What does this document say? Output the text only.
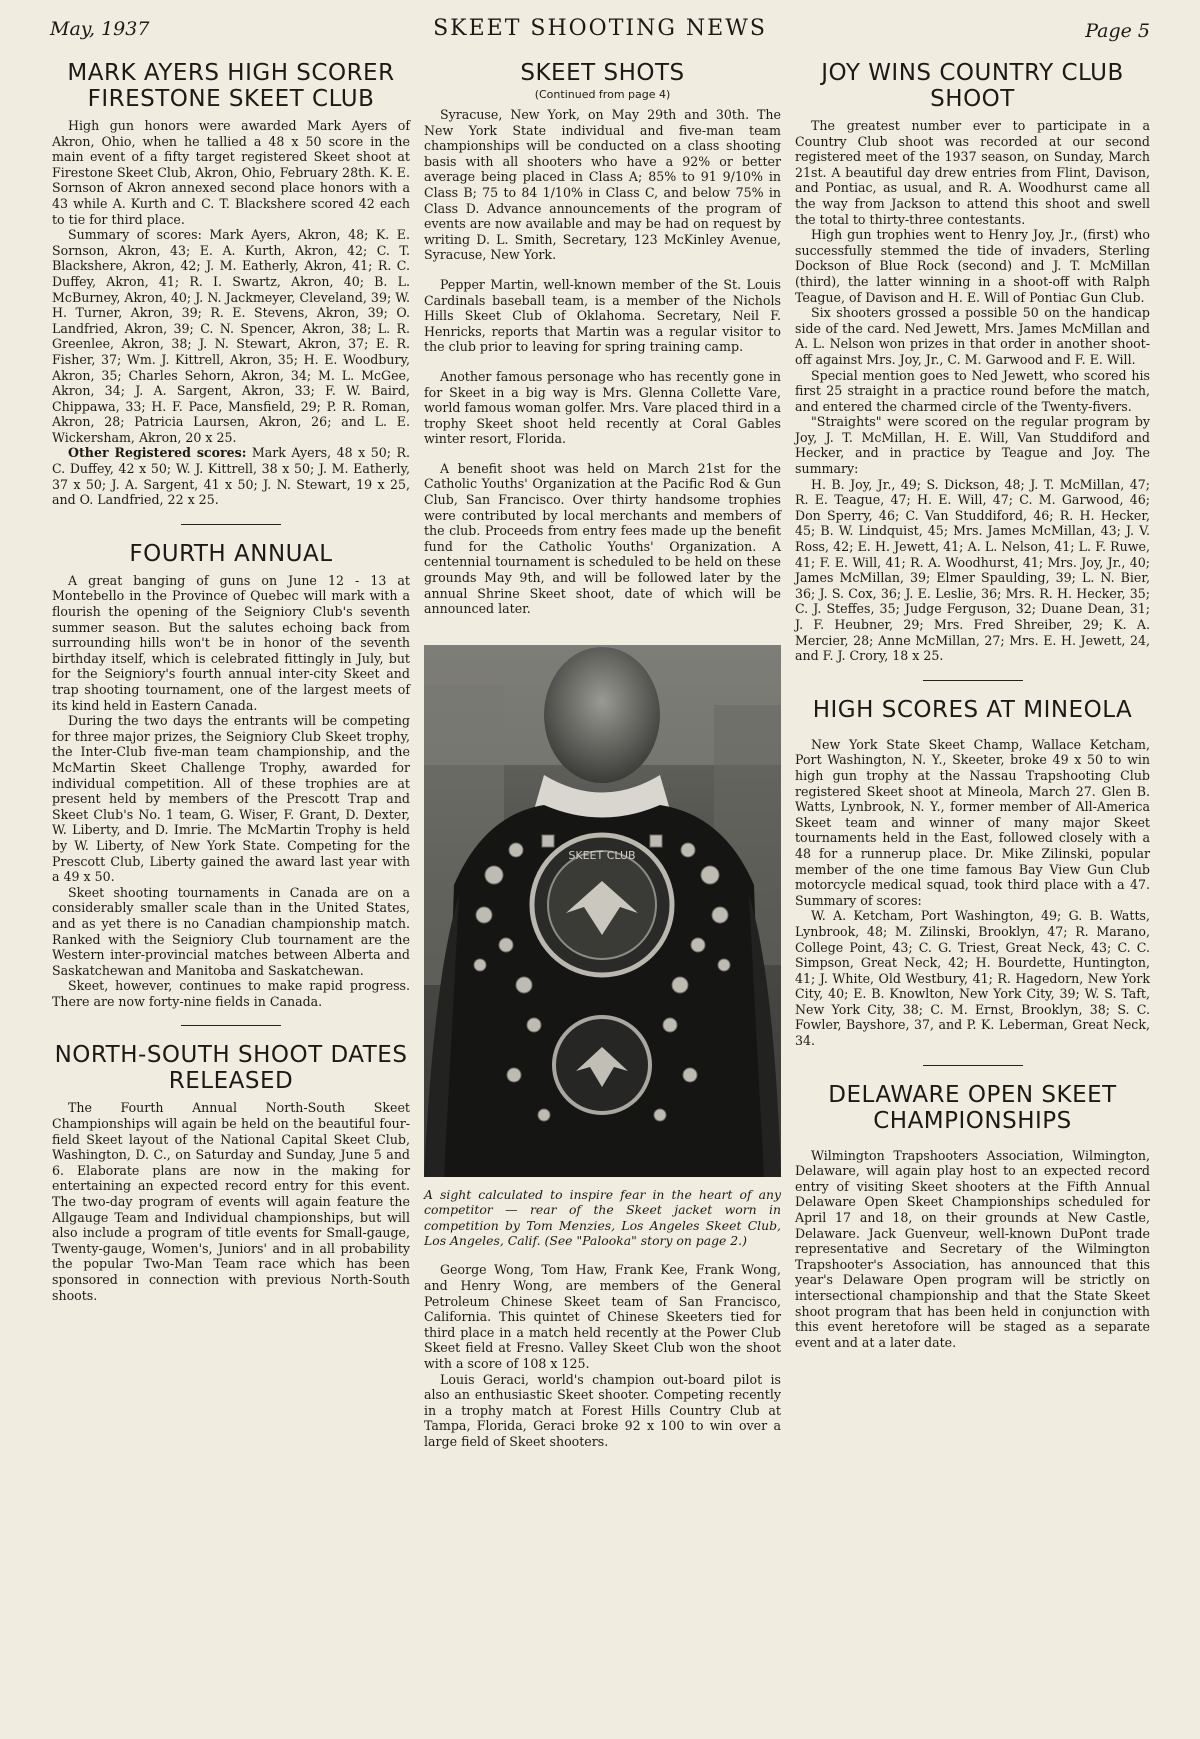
May, 1937	SKEET SHOOTING NEWS	Page 5
MARK AYERS HIGH SCORER FIRESTONE SKEET CLUB

High gun honors were awarded Mark Ayers of Akron, Ohio, when he tallied a 48 x 50 score in the main event of a fifty target registered Skeet shoot at Firestone Skeet Club, Akron, Ohio, February 28th. K. E. Sornson of Akron annexed second place honors with a 43 while A. Kurth and C. T. Blackshere scored 42 each to tie for third place.

Summary of scores: Mark Ayers, Akron, 48; K. E. Sornson, Akron, 43; E. A. Kurth, Akron, 42; C. T. Blackshere, Akron, 42; J. M. Eatherly, Akron, 41; R. C. Duffey, Akron, 41; R. I. Swartz, Akron, 40; B. L. McBurney, Akron, 40; J. N. Jackmeyer, Cleveland, 39; W. H. Turner, Akron, 39; R. E. Stevens, Akron, 39; O. Landfried, Akron, 39; C. N. Spencer, Akron, 38; L. R. Greenlee, Akron, 38; J. N. Stewart, Akron, 37; E. R. Fisher, 37; Wm. J. Kittrell, Akron, 35; H. E. Woodbury, Akron, 35; Charles Sehorn, Akron, 34; M. L. McGee, Akron, 34; J. A. Sargent, Akron, 33; F. W. Baird, Chippawa, 33; H. F. Pace, Mansfield, 29; P. R. Roman, Akron, 28; Patricia Laursen, Akron, 26; and L. E. Wickersham, Akron, 20 x 25.

Other Registered scores: Mark Ayers, 48 x 50; R. C. Duffey, 42 x 50; W. J. Kittrell, 38 x 50; J. M. Eatherly, 37 x 50; J. A. Sargent, 41 x 50; J. N. Stewart, 19 x 25, and O. Landfried, 22 x 25.

FOURTH ANNUAL

A great banging of guns on June 12 - 13 at Montebello in the Province of Quebec will mark with a flourish the opening of the Seigniory Club's seventh summer season. But the salutes echoing back from surrounding hills won't be in honor of the seventh birthday itself, which is celebrated fittingly in July, but for the Seigniory's fourth annual inter-city Skeet and trap shooting tournament, one of the largest meets of its kind held in Eastern Canada.

During the two days the entrants will be competing for three major prizes, the Seigniory Club Skeet trophy, the Inter-Club five-man team championship, and the McMartin Skeet Challenge Trophy, awarded for individual competition. All of these trophies are at present held by members of the Prescott Trap and Skeet Club's No. 1 team, G. Wiser, F. Grant, D. Dexter, W. Liberty, and D. Imrie. The McMartin Trophy is held by W. Liberty, of New York State. Competing for the Prescott Club, Liberty gained the award last year with a 49 x 50.

Skeet shooting tournaments in Canada are on a considerably smaller scale than in the United States, and as yet there is no Canadian championship match. Ranked with the Seigniory Club tournament are the Western inter-provincial matches between Alberta and Saskatchewan and Manitoba and Saskatchewan.

Skeet, however, continues to make rapid progress. There are now forty-nine fields in Canada.

NORTH-SOUTH SHOOT DATES RELEASED

The Fourth Annual North-South Skeet Championships will again be held on the beautiful four-field Skeet layout of the National Capital Skeet Club, Washington, D. C., on Saturday and Sunday, June 5 and 6. Elaborate plans are now in the making for entertaining an expected record entry for this event. The two-day program of events will again feature the Allgauge Team and Individual championships, but will also include a program of title events for Small-gauge, Twenty-gauge, Women's, Juniors' and in all probability the popular Two-Man Team race which has been sponsored in connection with previous North-South shoots.

SKEET SHOTS
(Continued from page 4)

Syracuse, New York, on May 29th and 30th. The New York State individual and five-man team championships will be conducted on a class shooting basis with all shooters who have a 92% or better average being placed in Class A; 85% to 91 9/10% in Class B; 75 to 84 1/10% in Class C, and below 75% in Class D. Advance announcements of the program of events are now available and may be had on request by writing D. L. Smith, Secretary, 123 McKinley Avenue, Syracuse, New York.

Pepper Martin, well-known member of the St. Louis Cardinals baseball team, is a member of the Nichols Hills Skeet Club of Oklahoma. Secretary, Neil F. Henricks, reports that Martin was a regular visitor to the club prior to leaving for spring training camp.

Another famous personage who has recently gone in for Skeet in a big way is Mrs. Glenna Collette Vare, world famous woman golfer. Mrs. Vare placed third in a trophy Skeet shoot held recently at Coral Gables winter resort, Florida.

A benefit shoot was held on March 21st for the Catholic Youths' Organization at the Pacific Rod & Gun Club, San Francisco. Over thirty handsome trophies were contributed by local merchants and members of the club. Proceeds from entry fees made up the benefit fund for the Catholic Youths' Organization. A centennial tournament is scheduled to be held on these grounds May 9th, and will be followed later by the annual Shrine Skeet shoot, date of which will be announced later.

SKEET CLUB
A sight calculated to inspire fear in the heart of any competitor — rear of the Skeet jacket worn in competition by Tom Menzies, Los Angeles Skeet Club, Los Angeles, Calif. (See "Palooka" story on page 2.)

George Wong, Tom Haw, Frank Kee, Frank Wong, and Henry Wong, are members of the General Petroleum Chinese Skeet team of San Francisco, California. This quintet of Chinese Skeeters tied for third place in a match held recently at the Power Club Skeet field at Fresno. Valley Skeet Club won the shoot with a score of 108 x 125.

Louis Geraci, world's champion out-board pilot is also an enthusiastic Skeet shooter. Competing recently in a trophy match at Forest Hills Country Club at Tampa, Florida, Geraci broke 92 x 100 to win over a large field of Skeet shooters.

JOY WINS COUNTRY CLUB SHOOT

The greatest number ever to participate in a Country Club shoot was recorded at our second registered meet of the 1937 season, on Sunday, March 21st. A beautiful day drew entries from Flint, Davison, and Pontiac, as usual, and R. A. Woodhurst came all the way from Jackson to attend this shoot and swell the total to thirty-three contestants.

High gun trophies went to Henry Joy, Jr., (first) who successfully stemmed the tide of invaders, Sterling Dockson of Blue Rock (second) and J. T. McMillan (third), the latter winning in a shoot-off with Ralph Teague, of Davison and H. E. Will of Pontiac Gun Club.

Six shooters grossed a possible 50 on the handicap side of the card. Ned Jewett, Mrs. James McMillan and A. L. Nelson won prizes in that order in another shoot-off against Mrs. Joy, Jr., C. M. Garwood and F. E. Will.

Special mention goes to Ned Jewett, who scored his first 25 straight in a practice round before the match, and entered the charmed circle of the Twenty-fivers.

"Straights" were scored on the regular program by Joy, J. T. McMillan, H. E. Will, Van Studdiford and Hecker, and in practice by Teague and Joy. The summary:

H. B. Joy, Jr., 49; S. Dickson, 48; J. T. McMillan, 47; R. E. Teague, 47; H. E. Will, 47; C. M. Garwood, 46; Don Sperry, 46; C. Van Studdiford, 46; R. H. Hecker, 45; B. W. Lindquist, 45; Mrs. James McMillan, 43; J. V. Ross, 42; E. H. Jewett, 41; A. L. Nelson, 41; L. F. Ruwe, 41; F. E. Will, 41; R. A. Woodhurst, 41; Mrs. Joy, Jr., 40; James McMillan, 39; Elmer Spaulding, 39; L. N. Bier, 36; J. S. Cox, 36; J. E. Leslie, 36; Mrs. R. H. Hecker, 35; C. J. Steffes, 35; Judge Ferguson, 32; Duane Dean, 31; J. F. Heubner, 29; Mrs. Fred Shreiber, 29; K. A. Mercier, 28; Anne McMillan, 27; Mrs. E. H. Jewett, 24, and F. J. Crory, 18 x 25.

HIGH SCORES AT MINEOLA

New York State Skeet Champ, Wallace Ketcham, Port Washington, N. Y., Skeeter, broke 49 x 50 to win high gun trophy at the Nassau Trapshooting Club registered Skeet shoot at Mineola, March 27. Glen B. Watts, Lynbrook, N. Y., former member of All-America Skeet team and winner of many major Skeet tournaments held in the East, followed closely with a 48 for a runnerup place. Dr. Mike Zilinski, popular member of the one time famous Bay View Gun Club motorcycle medical squad, took third place with a 47. Summary of scores:

W. A. Ketcham, Port Washington, 49; G. B. Watts, Lynbrook, 48; M. Zilinski, Brooklyn, 47; R. Marano, College Point, 43; C. G. Triest, Great Neck, 43; C. C. Simpson, Great Neck, 42; H. Bourdette, Huntington, 41; J. White, Old Westbury, 41; R. Hagedorn, New York City, 40; E. B. Knowlton, New York City, 39; W. S. Taft, New York City, 38; C. M. Ernst, Brooklyn, 38; S. C. Fowler, Bayshore, 37, and P. K. Leberman, Great Neck, 34.

DELAWARE OPEN SKEET CHAMPIONSHIPS

Wilmington Trapshooters Association, Wilmington, Delaware, will again play host to an expected record entry of visiting Skeet shooters at the Fifth Annual Delaware Open Skeet Championships scheduled for April 17 and 18, on their grounds at New Castle, Delaware. Jack Guenveur, well-known DuPont trade representative and Secretary of the Wilmington Trapshooter's Association, has announced that this year's Delaware Open program will be strictly on intersectional championship and that the State Skeet shoot program that has been held in conjunction with this event heretofore will be staged as a separate event and at a later date.
